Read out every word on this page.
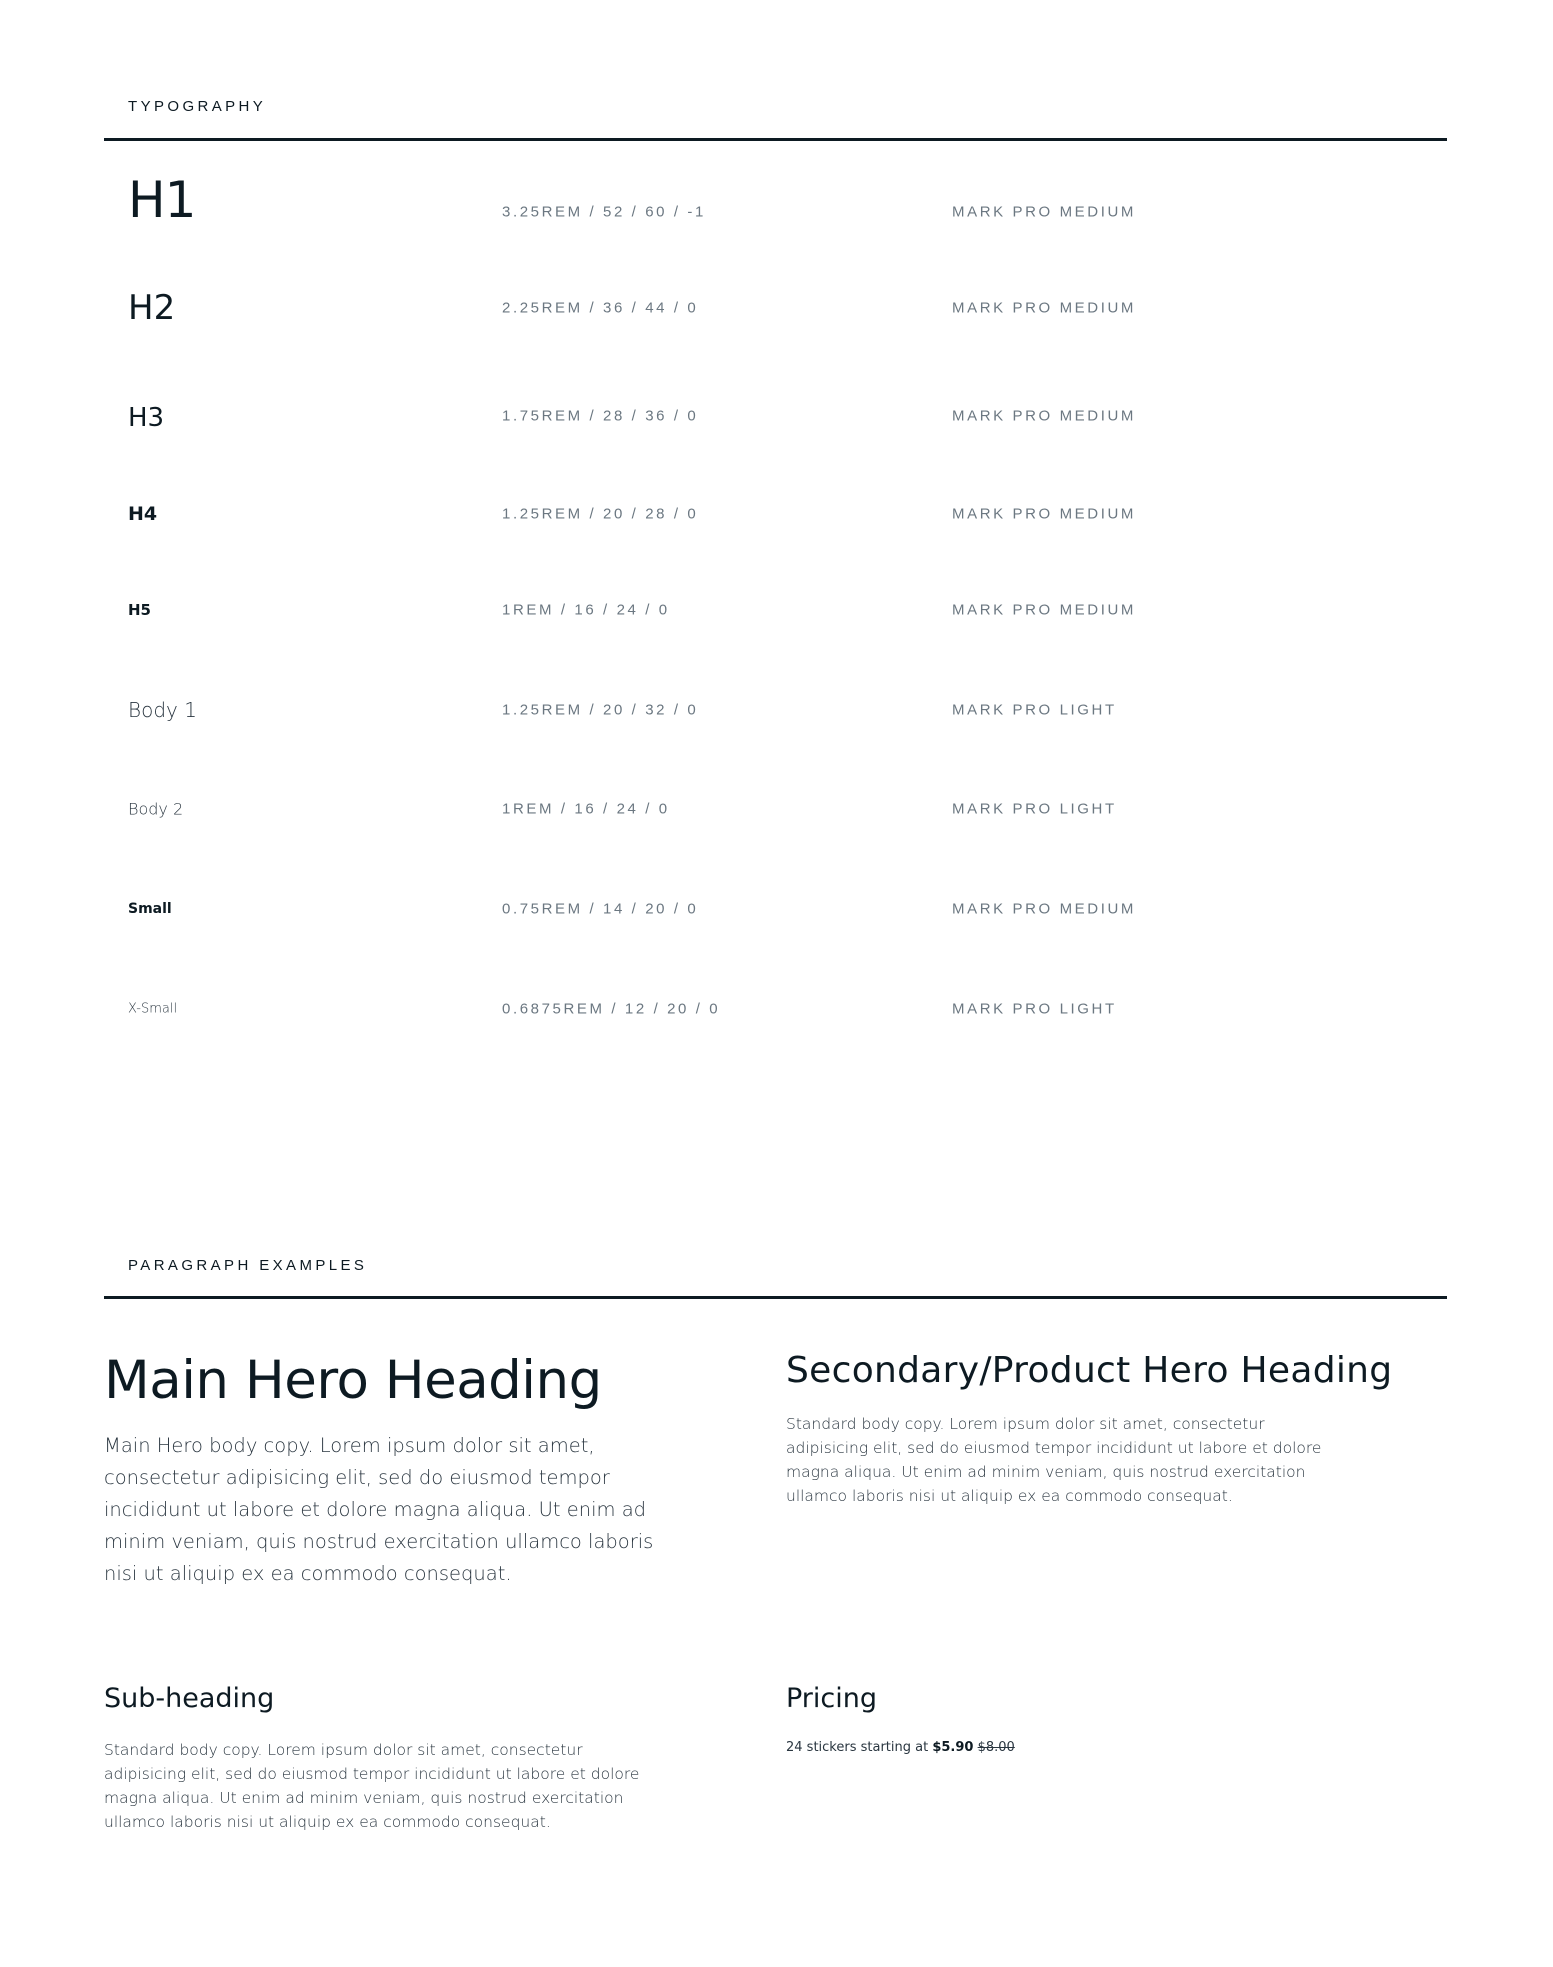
TYPOGRAPHY
H1	3.25REM / 52 / 60 / -1	MARK PRO MEDIUM
H2	2.25REM / 36 / 44 / 0	MARK PRO MEDIUM
H3	1.75REM / 28 / 36 / 0	MARK PRO MEDIUM
H4	1.25REM / 20 / 28 / 0	MARK PRO MEDIUM
H5	1REM / 16 / 24 / 0	MARK PRO MEDIUM
Body 1	1.25REM / 20 / 32 / 0	MARK PRO LIGHT
Body 2	1REM / 16 / 24 / 0	MARK PRO LIGHT
Small	0.75REM / 14 / 20 / 0	MARK PRO MEDIUM
X-Small	0.6875REM / 12 / 20 / 0	MARK PRO LIGHT
PARAGRAPH EXAMPLES
Main Hero Heading
Main Hero body copy. Lorem ipsum dolor sit amet, consectetur adipisicing elit, sed do eiusmod tempor incididunt ut labore et dolore magna aliqua. Ut enim ad minim veniam, quis nostrud exercitation ullamco laboris nisi ut aliquip ex ea commodo consequat.
Secondary/Product Hero Heading
Standard body copy. Lorem ipsum dolor sit amet, consectetur adipisicing elit, sed do eiusmod tempor incididunt ut labore et dolore magna aliqua. Ut enim ad minim veniam, quis nostrud exercitation ullamco laboris nisi ut aliquip ex ea commodo consequat.
Sub-heading
Standard body copy. Lorem ipsum dolor sit amet, consectetur adipisicing elit, sed do eiusmod tempor incididunt ut labore et dolore magna aliqua. Ut enim ad minim veniam, quis nostrud exercitation ullamco laboris nisi ut aliquip ex ea commodo consequat.
Pricing
24 stickers starting at $5.90 $8.00
